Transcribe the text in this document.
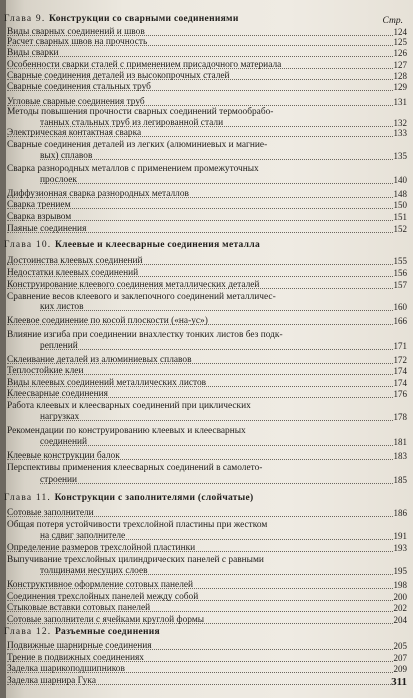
Стр.
Глава 9. Конструкции со сварными соединениями
Виды сварных соединений и швов	124
Расчет сварных швов на прочность	125
Виды сварки	126
Особенности сварки сталей с применением присадочного материала	127
Сварные соединения деталей из высокопрочных сталей	128
Сварные соединения стальных труб	129
Угловые сварные соединения труб	131
Методы повышения прочности сварных соединений термообрабо-
танных стальных труб из легированной стали	132
Электрическая контактная сварка	133
Сварные соединения деталей из легких (алюминиевых и магние-
вых) сплавов	135
Сварка разнородных металлов с применением промежуточных
прослоек	140
Диффузионная сварка разнородных металлов	148
Сварка трением	150
Сварка взрывом	151
Паяные соединения	152
Глава 10. Клеевые и клеесварные соединения металла
Достоинства клеевых соединений	155
Недостатки клеевых соединений	156
Конструирование клеевого соединения металлических деталей	157
Сравнение весов клеевого и заклепочного соединений металличес-
ких листов	160
Клеевое соединение по косой плоскости («на-ус»)	166
Влияние изгиба при соединении внахлестку тонких листов без подк-
реплений	171
Склеивание деталей из алюминиевых сплавов	172
Теплостойкие клеи	174
Виды клеевых соединений металлических листов	174
Клеесварные соединения	176
Работа клеевых и клеесварных соединений при циклических
нагрузках	178
Рекомендации по конструированию клеевых и клеесварных
соединений	181
Клеевые конструкции балок	183
Перспективы применения клеесварных соединений в самолето-
строении	185
Глава 11. Конструкции с заполнителями (слойчатые)
Сотовые заполнители	186
Общая потеря устойчивости трехслойной пластины при жестком
на сдвиг заполнителе	191
Определение размеров трехслойной пластинки	193
Выпучивание трехслойных цилиндрических панелей с равными
толщинами несущих слоев	195
Конструктивное оформление сотовых панелей	198
Соединения трехслойных панелей между собой	200
Стыковые вставки сотовых панелей	202
Сотовые заполнители с ячейками круглой формы	204
Глава 12. Разъемные соединения
Подвижные шарнирные соединения	205
Трение в подвижных соединениях	207
Заделка шарикоподшипников	209
Заделка шарнира Гука	311
